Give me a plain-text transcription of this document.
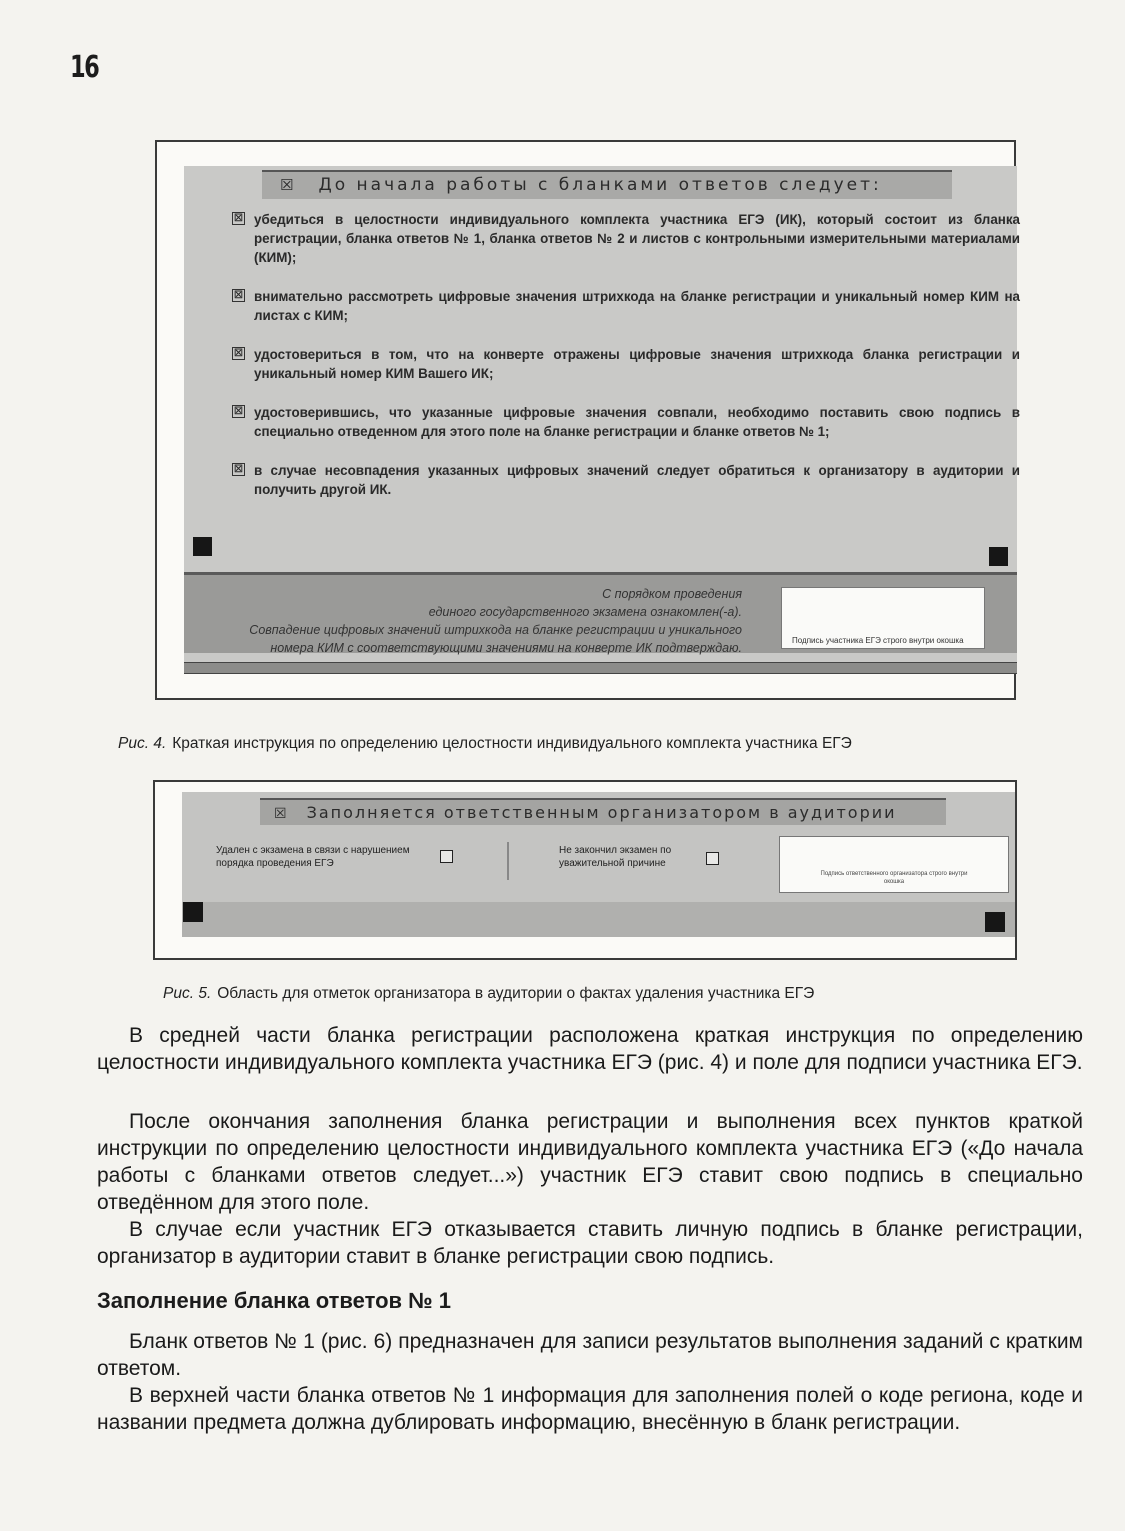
16
☒ До начала работы с бланками ответов следует:
☒ убедиться в целостности индивидуального комплекта участника ЕГЭ (ИК), который состоит из бланка регистрации, бланка ответов № 1, бланка ответов № 2 и листов с контрольными измерительными материалами (КИМ);
☒ внимательно рассмотреть цифровые значения штрихкода на бланке регистрации и уникальный номер КИМ на листах с КИМ;
☒ удостовериться в том, что на конверте отражены цифровые значения штрихкода бланка регистрации и уникальный номер КИМ Вашего ИК;
☒ удостоверившись, что указанные цифровые значения совпали, необходимо поставить свою подпись в специально отведенном для этого поле на бланке регистрации и бланке ответов № 1;
☒ в случае несовпадения указанных цифровых значений следует обратиться к организатору в аудитории и получить другой ИК.
С порядком проведения
единого государственного экзамена ознакомлен(-а).
Совпадение цифровых значений штрихкода на бланке регистрации и уникального
номера КИМ с соответствующими значениями на конверте ИК подтверждаю.
Подпись участника ЕГЭ строго внутри окошка
Рис. 4. Краткая инструкция по определению целостности индивидуального комплекта участника ЕГЭ
☒ Заполняется ответственным организатором в аудитории
Удален с экзамена в связи с нарушением порядка проведения ЕГЭ
Не закончил экзамен по уважительной причине
Подпись ответственного организатора строго внутри окошка
Рис. 5. Область для отметок организатора в аудитории о фактах удаления участника ЕГЭ

В средней части бланка регистрации расположена краткая инструкция по определению целостности индивидуального комплекта участника ЕГЭ (рис. 4) и поле для подписи участника ЕГЭ.

После окончания заполнения бланка регистрации и выполнения всех пунктов краткой инструкции по определению целостности индивидуального комплекта участника ЕГЭ («До начала работы с бланками ответов следует...») участник ЕГЭ ставит свою подпись в специально отведённом для этого поле.

В случае если участник ЕГЭ отказывается ставить личную подпись в бланке регистрации, организатор в аудитории ставит в бланке регистрации свою подпись.

Заполнение бланка ответов № 1

Бланк ответов № 1 (рис. 6) предназначен для записи результатов выполнения заданий с кратким ответом.

В верхней части бланка ответов № 1 информация для заполнения полей о коде региона, коде и названии предмета должна дублировать информацию, внесённую в бланк регистрации.
